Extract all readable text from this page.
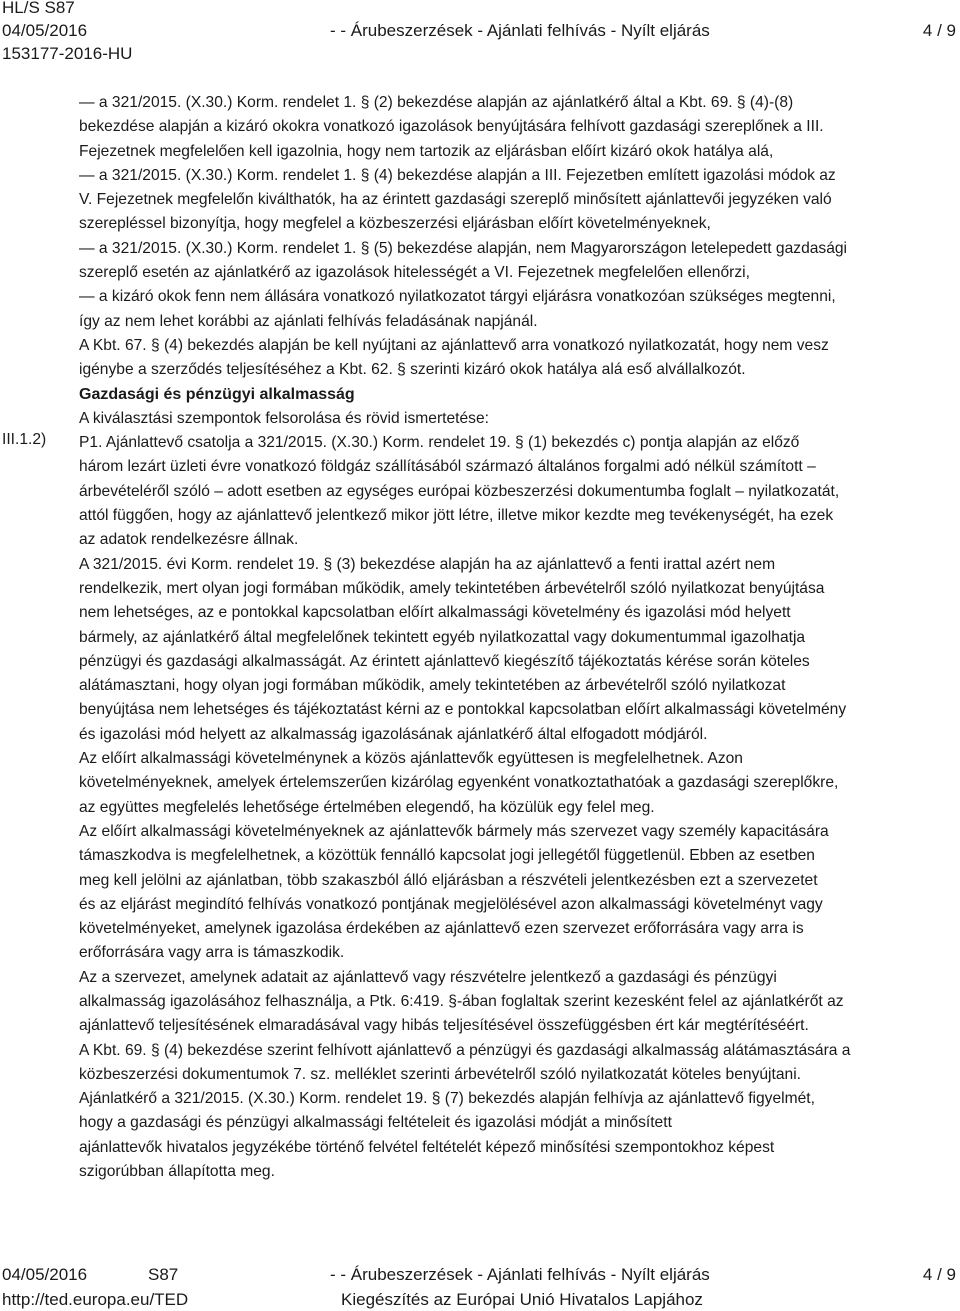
HL/S S87
04/05/2016
153177-2016-HU
- - Árubeszerzések - Ajánlati felhívás - Nyílt eljárás	4 / 9
III.1.2)

— a 321/2015. (X.30.) Korm. rendelet 1. § (2) bekezdése alapján az ajánlatkérő által a Kbt. 69. § (4)-(8)

bekezdése alapján a kizáró okokra vonatkozó igazolások benyújtására felhívott gazdasági szereplőnek a III.

Fejezetnek megfelelően kell igazolnia, hogy nem tartozik az eljárásban előírt kizáró okok hatálya alá,

— a 321/2015. (X.30.) Korm. rendelet 1. § (4) bekezdése alapján a III. Fejezetben említett igazolási módok az

V. Fejezetnek megfelelőn kiválthatók, ha az érintett gazdasági szereplő minősített ajánlattevői jegyzéken való

szerepléssel bizonyítja, hogy megfelel a közbeszerzési eljárásban előírt követelményeknek,

— a 321/2015. (X.30.) Korm. rendelet 1. § (5) bekezdése alapján, nem Magyarországon letelepedett gazdasági

szereplő esetén az ajánlatkérő az igazolások hitelességét a VI. Fejezetnek megfelelően ellenőrzi,

— a kizáró okok fenn nem állására vonatkozó nyilatkozatot tárgyi eljárásra vonatkozóan szükséges megtenni,

így az nem lehet korábbi az ajánlati felhívás feladásának napjánál.

A Kbt. 67. § (4) bekezdés alapján be kell nyújtani az ajánlattevő arra vonatkozó nyilatkozatát, hogy nem vesz

igénybe a szerződés teljesítéséhez a Kbt. 62. § szerinti kizáró okok hatálya alá eső alvállalkozót.

Gazdasági és pénzügyi alkalmasság

A kiválasztási szempontok felsorolása és rövid ismertetése:

P1. Ajánlattevő csatolja a 321/2015. (X.30.) Korm. rendelet 19. § (1) bekezdés c) pontja alapján az előző

három lezárt üzleti évre vonatkozó földgáz szállításából származó általános forgalmi adó nélkül számított –

árbevételéről szóló – adott esetben az egységes európai közbeszerzési dokumentumba foglalt – nyilatkozatát,

attól függően, hogy az ajánlattevő jelentkező mikor jött létre, illetve mikor kezdte meg tevékenységét, ha ezek

az adatok rendelkezésre állnak.

A 321/2015. évi Korm. rendelet 19. § (3) bekezdése alapján ha az ajánlattevő a fenti irattal azért nem

rendelkezik, mert olyan jogi formában működik, amely tekintetében árbevételről szóló nyilatkozat benyújtása

nem lehetséges, az e pontokkal kapcsolatban előírt alkalmassági követelmény és igazolási mód helyett

bármely, az ajánlatkérő által megfelelőnek tekintett egyéb nyilatkozattal vagy dokumentummal igazolhatja

pénzügyi és gazdasági alkalmasságát. Az érintett ajánlattevő kiegészítő tájékoztatás kérése során köteles

alátámasztani, hogy olyan jogi formában működik, amely tekintetében az árbevételről szóló nyilatkozat

benyújtása nem lehetséges és tájékoztatást kérni az e pontokkal kapcsolatban előírt alkalmassági követelmény

és igazolási mód helyett az alkalmasság igazolásának ajánlatkérő által elfogadott módjáról.

Az előírt alkalmassági követelménynek a közös ajánlattevők együttesen is megfelelhetnek. Azon

követelményeknek, amelyek értelemszerűen kizárólag egyenként vonatkoztathatóak a gazdasági szereplőkre,

az együttes megfelelés lehetősége értelmében elegendő, ha közülük egy felel meg.

Az előírt alkalmassági követelményeknek az ajánlattevők bármely más szervezet vagy személy kapacitására

támaszkodva is megfelelhetnek, a közöttük fennálló kapcsolat jogi jellegétől függetlenül. Ebben az esetben

meg kell jelölni az ajánlatban, több szakaszból álló eljárásban a részvételi jelentkezésben ezt a szervezetet

és az eljárást megindító felhívás vonatkozó pontjának megjelölésével azon alkalmassági követelményt vagy

követelményeket, amelynek igazolása érdekében az ajánlattevő ezen szervezet erőforrására vagy arra is

erőforrására vagy arra is támaszkodik.

Az a szervezet, amelynek adatait az ajánlattevő vagy részvételre jelentkező a gazdasági és pénzügyi

alkalmasság igazolásához felhasználja, a Ptk. 6:419. §-ában foglaltak szerint kezesként felel az ajánlatkérőt az

ajánlattevő teljesítésének elmaradásával vagy hibás teljesítésével összefüggésben ért kár megtérítéséért.

A Kbt. 69. § (4) bekezdése szerint felhívott ajánlattevő a pénzügyi és gazdasági alkalmasság alátámasztására a

közbeszerzési dokumentumok 7. sz. melléklet szerinti árbevételről szóló nyilatkozatát köteles benyújtani.

Ajánlatkérő a 321/2015. (X.30.) Korm. rendelet 19. § (7) bekezdés alapján felhívja az ajánlattevő figyelmét,

hogy a gazdasági és pénzügyi alkalmassági feltételeit és igazolási módját a minősített

ajánlattevők hivatalos jegyzékébe történő felvétel feltételét képező minősítési szempontokhoz képest

szigorúbban állapította meg.

04/05/2016	S87
http://ted.europa.eu/TED
- - Árubeszerzések - Ajánlati felhívás - Nyílt eljárás
Kiegészítés az Európai Unió Hivatalos Lapjához
4 / 9
